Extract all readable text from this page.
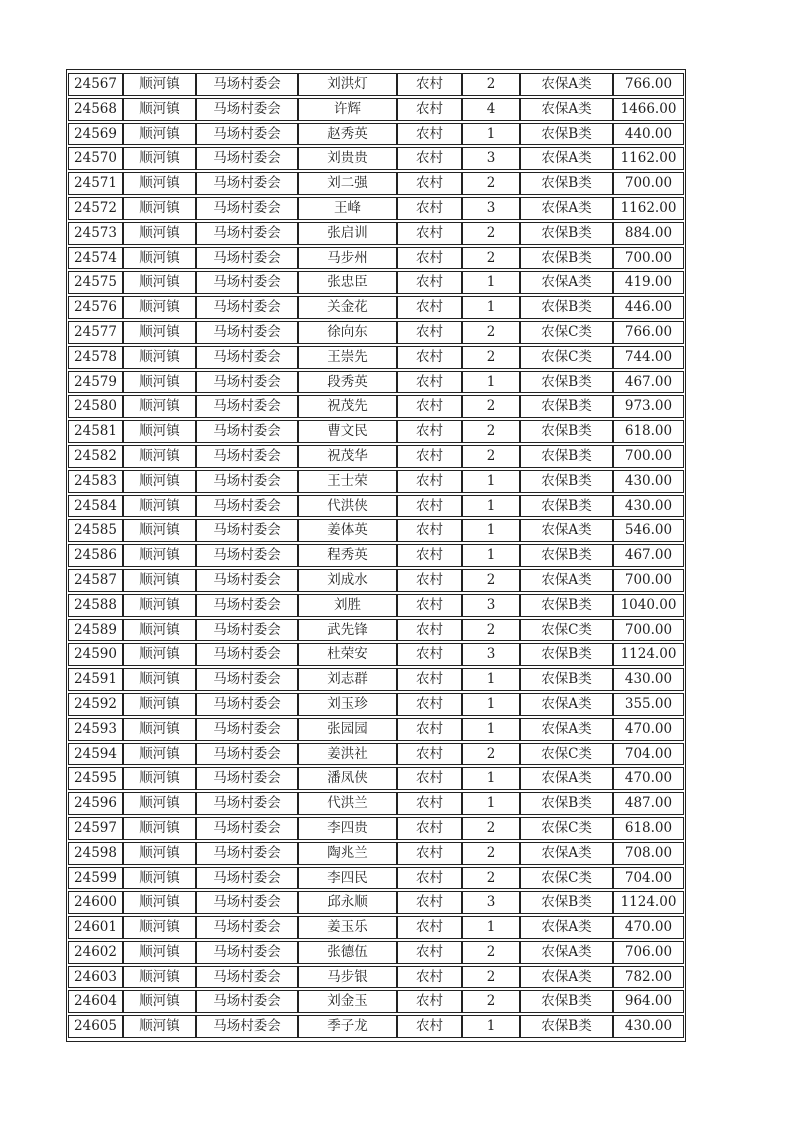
24567	顺河镇	马场村委会	刘洪灯	农村	2	农保A类	766.00
24568	顺河镇	马场村委会	许辉	农村	4	农保A类	1466.00
24569	顺河镇	马场村委会	赵秀英	农村	1	农保B类	440.00
24570	顺河镇	马场村委会	刘贵贵	农村	3	农保A类	1162.00
24571	顺河镇	马场村委会	刘二强	农村	2	农保B类	700.00
24572	顺河镇	马场村委会	王峰	农村	3	农保A类	1162.00
24573	顺河镇	马场村委会	张启训	农村	2	农保B类	884.00
24574	顺河镇	马场村委会	马步州	农村	2	农保B类	700.00
24575	顺河镇	马场村委会	张忠臣	农村	1	农保A类	419.00
24576	顺河镇	马场村委会	关金花	农村	1	农保B类	446.00
24577	顺河镇	马场村委会	徐向东	农村	2	农保C类	766.00
24578	顺河镇	马场村委会	王崇先	农村	2	农保C类	744.00
24579	顺河镇	马场村委会	段秀英	农村	1	农保B类	467.00
24580	顺河镇	马场村委会	祝茂先	农村	2	农保B类	973.00
24581	顺河镇	马场村委会	曹文民	农村	2	农保B类	618.00
24582	顺河镇	马场村委会	祝茂华	农村	2	农保B类	700.00
24583	顺河镇	马场村委会	王士荣	农村	1	农保B类	430.00
24584	顺河镇	马场村委会	代洪侠	农村	1	农保B类	430.00
24585	顺河镇	马场村委会	姜体英	农村	1	农保A类	546.00
24586	顺河镇	马场村委会	程秀英	农村	1	农保B类	467.00
24587	顺河镇	马场村委会	刘成水	农村	2	农保A类	700.00
24588	顺河镇	马场村委会	刘胜	农村	3	农保B类	1040.00
24589	顺河镇	马场村委会	武先锋	农村	2	农保C类	700.00
24590	顺河镇	马场村委会	杜荣安	农村	3	农保B类	1124.00
24591	顺河镇	马场村委会	刘志群	农村	1	农保B类	430.00
24592	顺河镇	马场村委会	刘玉珍	农村	1	农保A类	355.00
24593	顺河镇	马场村委会	张园园	农村	1	农保A类	470.00
24594	顺河镇	马场村委会	姜洪社	农村	2	农保C类	704.00
24595	顺河镇	马场村委会	潘凤侠	农村	1	农保A类	470.00
24596	顺河镇	马场村委会	代洪兰	农村	1	农保B类	487.00
24597	顺河镇	马场村委会	李四贵	农村	2	农保C类	618.00
24598	顺河镇	马场村委会	陶兆兰	农村	2	农保A类	708.00
24599	顺河镇	马场村委会	李四民	农村	2	农保C类	704.00
24600	顺河镇	马场村委会	邱永顺	农村	3	农保B类	1124.00
24601	顺河镇	马场村委会	姜玉乐	农村	1	农保A类	470.00
24602	顺河镇	马场村委会	张德伍	农村	2	农保A类	706.00
24603	顺河镇	马场村委会	马步银	农村	2	农保A类	782.00
24604	顺河镇	马场村委会	刘金玉	农村	2	农保B类	964.00
24605	顺河镇	马场村委会	季子龙	农村	1	农保B类	430.00
